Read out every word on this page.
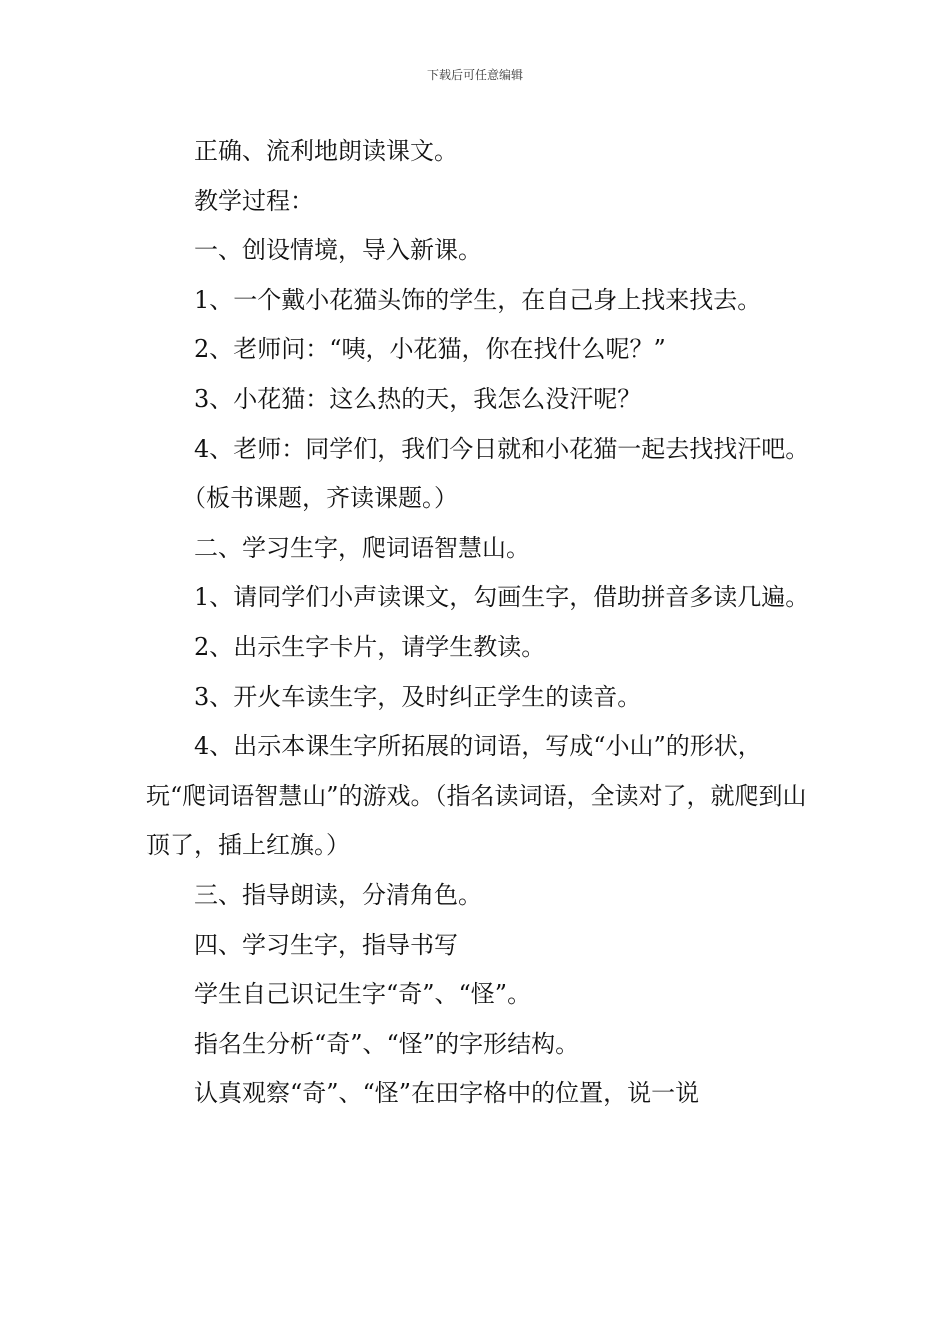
下载后可任意编辑

正确、流利地朗读课文。

教学过程：

一、创设情境，导入新课。

1、一个戴小花猫头饰的学生，在自己身上找来找去。

2、老师问：“咦，小花猫，你在找什么呢？”

3、小花猫：这么热的天，我怎么没汗呢？

4、老师：同学们，我们今日就和小花猫一起去找找汗吧。

（板书课题，齐读课题。）

二、学习生字，爬词语智慧山。

1、请同学们小声读课文，勾画生字，借助拼音多读几遍。

2、出示生字卡片，请学生教读。

3、开火车读生字，及时纠正学生的读音。

4、出示本课生字所拓展的词语，写成“小山”的形状，玩“爬词语智慧山”的游戏。（指名读词语，全读对了，就爬到山顶了，插上红旗。）

三、指导朗读，分清角色。

四、学习生字，指导书写

学生自己识记生字“奇”、“怪”。

指名生分析“奇”、“怪”的字形结构。

认真观察“奇”、“怪”在田字格中的位置，说一说
